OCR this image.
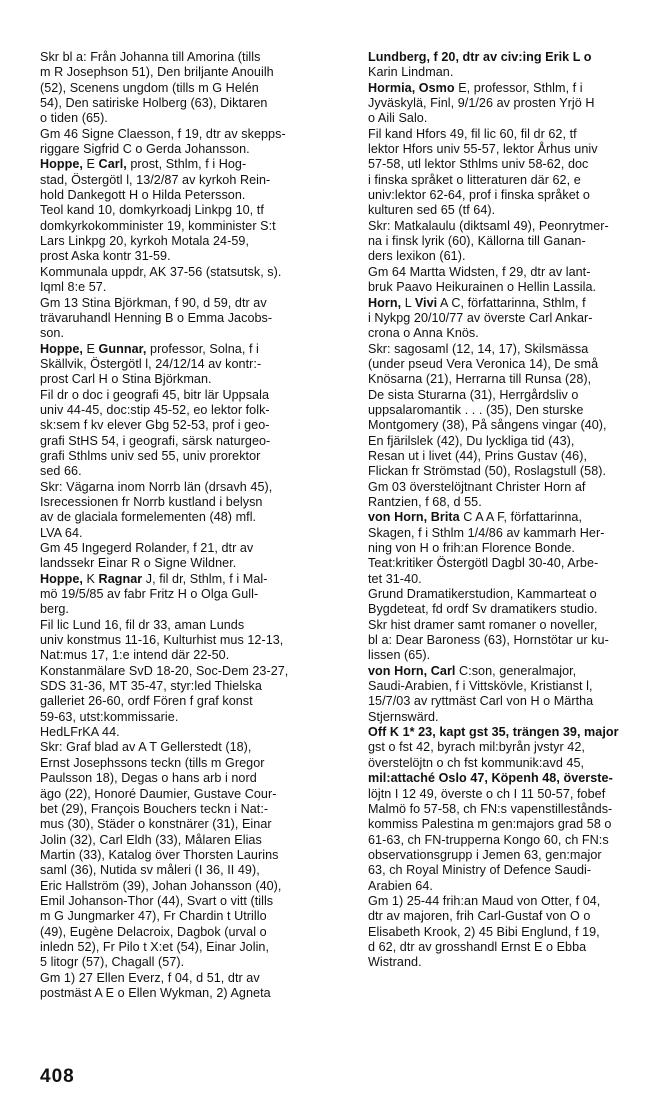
Skr bl a: Från Johanna till Amorina (tills
m R Josephson 51), Den briljante Anouilh
(52), Scenens ungdom (tills m G Helén
54), Den satiriske Holberg (63), Diktaren
o tiden (65).
Gm 46 Signe Claesson, f 19, dtr av skepps-
riggare Sigfrid C o Gerda Johansson.
Hoppe, E Carl, prost, Sthlm, f i Hog-
stad, Östergötl l, 13/2/87 av kyrkoh Rein-
hold Dankegott H o Hilda Petersson.
Teol kand 10, domkyrkoadj Linkpg 10, tf
domkyrkokomminister 19, komminister S:t
Lars Linkpg 20, kyrkoh Motala 24-59,
prost Aska kontr 31-59.
Kommunala uppdr, AK 37-56 (statsutsk, s).
Iqml 8:e 57.
Gm 13 Stina Björkman, f 90, d 59, dtr av
trävaruhandl Henning B o Emma Jacobs-
son.
Hoppe, E Gunnar, professor, Solna, f i
Skällvik, Östergötl l, 24/12/14 av kontr:-
prost Carl H o Stina Björkman.
Fil dr o doc i geografi 45, bitr lär Uppsala
univ 44-45, doc:stip 45-52, eo lektor folk-
sk:sem f kv elever Gbg 52-53, prof i geo-
grafi StHS 54, i geografi, särsk naturgeo-
grafi Sthlms univ sed 55, univ prorektor
sed 66.
Skr: Vägarna inom Norrb län (drsavh 45),
Isrecessionen fr Norrb kustland i belysn
av de glaciala formelementen (48) mfl.
LVA 64.
Gm 45 Ingegerd Rolander, f 21, dtr av
landssekr Einar R o Signe Wildner.
Hoppe, K Ragnar J, fil dr, Sthlm, f i Mal-
mö 19/5/85 av fabr Fritz H o Olga Gull-
berg.
Fil lic Lund 16, fil dr 33, aman Lunds
univ konstmus 11-16, Kulturhist mus 12-13,
Nat:mus 17, 1:e intend där 22-50.
Konstanmälare SvD 18-20, Soc-Dem 23-27,
SDS 31-36, MT 35-47, styr:led Thielska
galleriet 26-60, ordf Fören f graf konst
59-63, utst:kommissarie.
HedLFrKA 44.
Skr: Graf blad av A T Gellerstedt (18),
Ernst Josephssons teckn (tills m Gregor
Paulsson 18), Degas o hans arb i nord
ägo (22), Honoré Daumier, Gustave Cour-
bet (29), François Bouchers teckn i Nat:-
mus (30), Städer o konstnärer (31), Einar
Jolin (32), Carl Eldh (33), Målaren Elias
Martin (33), Katalog över Thorsten Laurins
saml (36), Nutida sv måleri (I 36, II 49),
Eric Hallström (39), Johan Johansson (40),
Emil Johanson-Thor (44), Svart o vitt (tills
m G Jungmarker 47), Fr Chardin t Utrillo
(49), Eugène Delacroix, Dagbok (urval o
inledn 52), Fr Pilo t X:et (54), Einar Jolin,
5 litogr (57), Chagall (57).
Gm 1) 27 Ellen Everz, f 04, d 51, dtr av
postmäst A E o Ellen Wykman, 2) Agneta
Lundberg, f 20, dtr av civ:ing Erik L o
Karin Lindman.
Hormia, Osmo E, professor, Sthlm, f i
Jyväskylä, Finl, 9/1/26 av prosten Yrjö H
o Aili Salo.
Fil kand Hfors 49, fil lic 60, fil dr 62, tf
lektor Hfors univ 55-57, lektor Århus univ
57-58, utl lektor Sthlms univ 58-62, doc
i finska språket o litteraturen där 62, e
univ:lektor 62-64, prof i finska språket o
kulturen sed 65 (tf 64).
Skr: Matkalaulu (diktsaml 49), Peonrytmer-
na i finsk lyrik (60), Källorna till Ganan-
ders lexikon (61).
Gm 64 Martta Widsten, f 29, dtr av lant-
bruk Paavo Heikurainen o Hellin Lassila.
Horn, L Vivi A C, författarinna, Sthlm, f
i Nykpg 20/10/77 av överste Carl Ankar-
crona o Anna Knös.
Skr: sagosaml (12, 14, 17), Skilsmässa
(under pseud Vera Veronica 14), De små
Knösarna (21), Herrarna till Runsa (28),
De sista Sturarna (31), Herrgårdsliv o
uppsalaromantik . . . (35), Den sturske
Montgomery (38), På sångens vingar (40),
En fjärilslek (42), Du lyckliga tid (43),
Resan ut i livet (44), Prins Gustav (46),
Flickan fr Strömstad (50), Roslagstull (58).
Gm 03 överstelöjtnant Christer Horn af
Rantzien, f 68, d 55.
von Horn, Brita C A A F, författarinna,
Skagen, f i Sthlm 1/4/86 av kammarh Her-
ning von H o frih:an Florence Bonde.
Teat:kritiker Östergötl Dagbl 30-40, Arbe-
tet 31-40.
Grund Dramatikerstudion, Kammarteat o
Bygdeteat, fd ordf Sv dramatikers studio.
Skr hist dramer samt romaner o noveller,
bl a: Dear Baroness (63), Hornstötar ur ku-
lissen (65).
von Horn, Carl C:son, generalmajor,
Saudi-Arabien, f i Vittskövle, Kristianst l,
15/7/03 av ryttmäst Carl von H o Märtha
Stjernswärd.
Off K 1* 23, kapt gst 35, trängen 39, major
gst o fst 42, byrach mil:byrån jvstyr 42,
överstelöjtn o ch fst kommunik:avd 45,
mil:attaché Oslo 47, Köpenh 48, överste-
löjtn I 12 49, överste o ch I 11 50-57, fobef
Malmö fo 57-58, ch FN:s vapenstillestånds-
kommiss Palestina m gen:majors grad 58 o
61-63, ch FN-trupperna Kongo 60, ch FN:s
observationsgrupp i Jemen 63, gen:major
63, ch Royal Ministry of Defence Saudi-
Arabien 64.
Gm 1) 25-44 frih:an Maud von Otter, f 04,
dtr av majoren, frih Carl-Gustaf von O o
Elisabeth Krook, 2) 45 Bibi Englund, f 19,
d 62, dtr av grosshandl Ernst E o Ebba
Wistrand.
408
